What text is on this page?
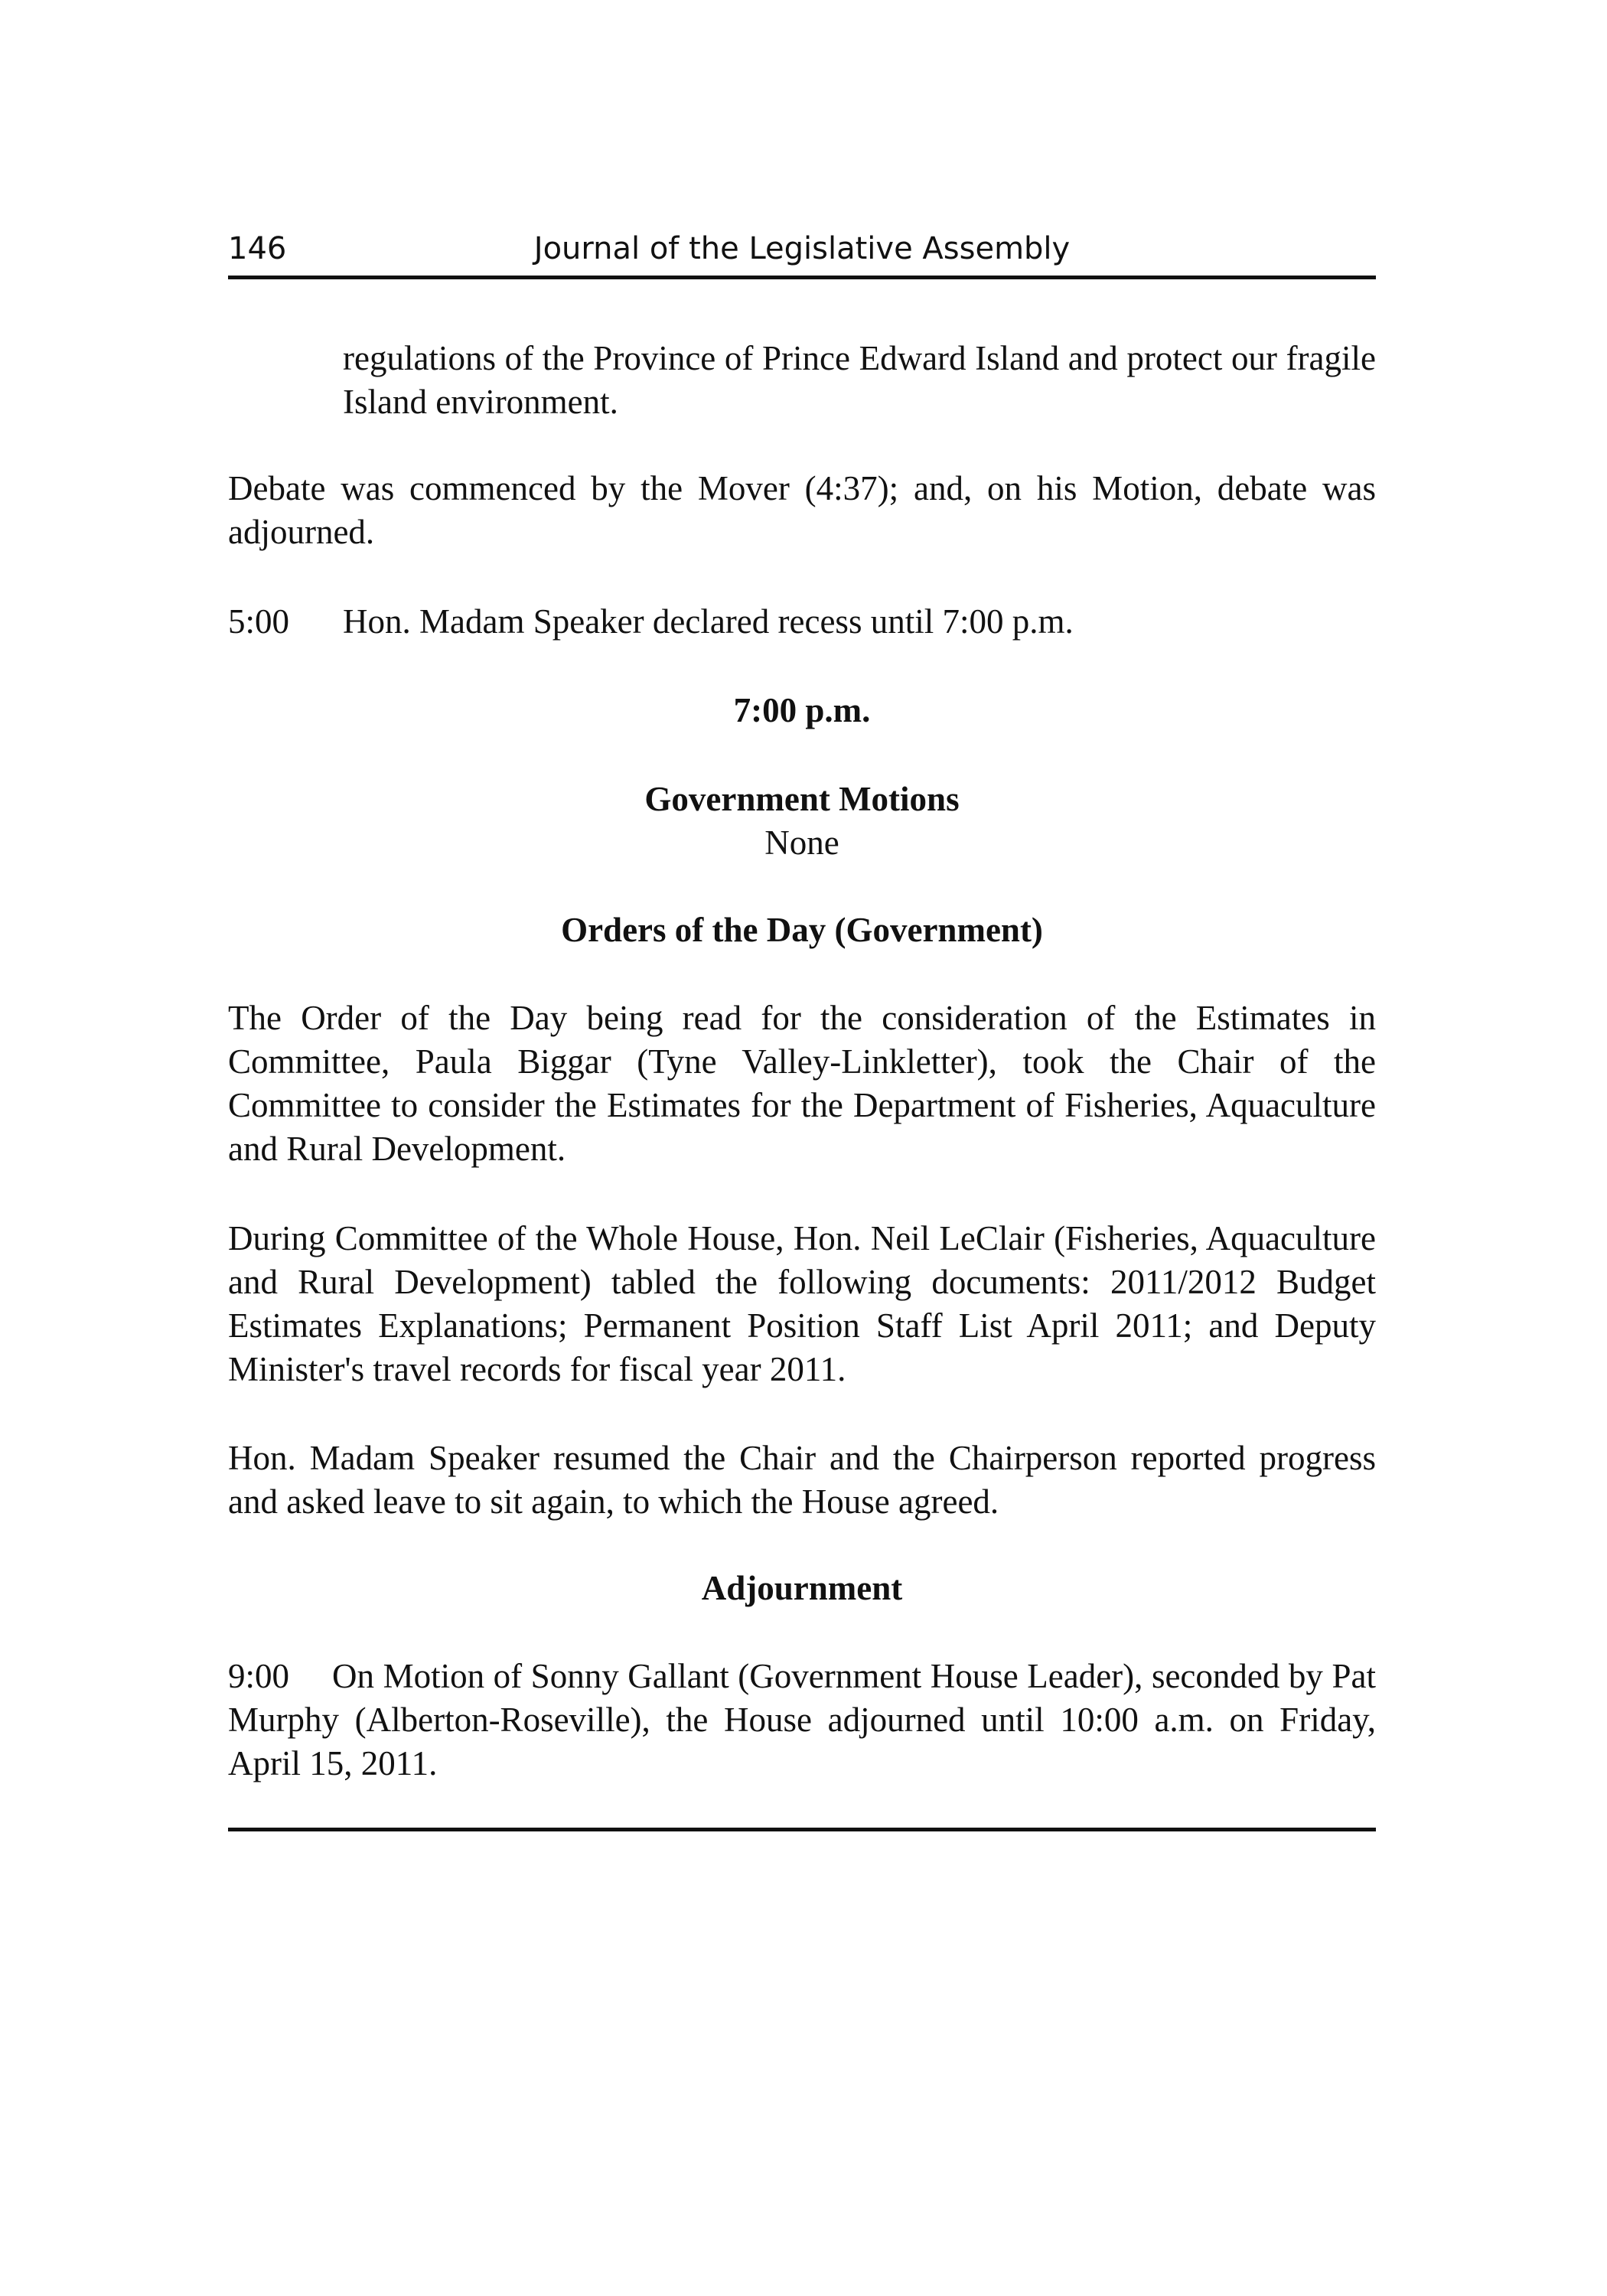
146	Journal of the Legislative Assembly

regulations of the Province of Prince Edward Island and protect our fragile Island environment.

Debate was commenced by the Mover (4:37); and, on his Motion, debate was adjourned.

5:00	Hon. Madam Speaker declared recess until 7:00 p.m.
7:00 p.m.
Government Motions
None
Orders of the Day (Government)

The Order of the Day being read for the consideration of the Estimates in Committee, Paula Biggar (Tyne Valley-Linkletter), took the Chair of the Committee to consider the Estimates for the Department of Fisheries, Aquaculture and Rural Development.

During Committee of the Whole House, Hon. Neil LeClair (Fisheries, Aquaculture and Rural Development) tabled the following documents: 2011/2012 Budget Estimates Explanations; Permanent Position Staff List April 2011; and Deputy Minister's travel records for fiscal year 2011.

Hon. Madam Speaker resumed the Chair and the Chairperson reported progress and asked leave to sit again, to which the House agreed.

Adjournment

9:00 On Motion of Sonny Gallant (Government House Leader), seconded by Pat Murphy (Alberton-Roseville), the House adjourned until 10:00 a.m. on Friday, April 15, 2011.
